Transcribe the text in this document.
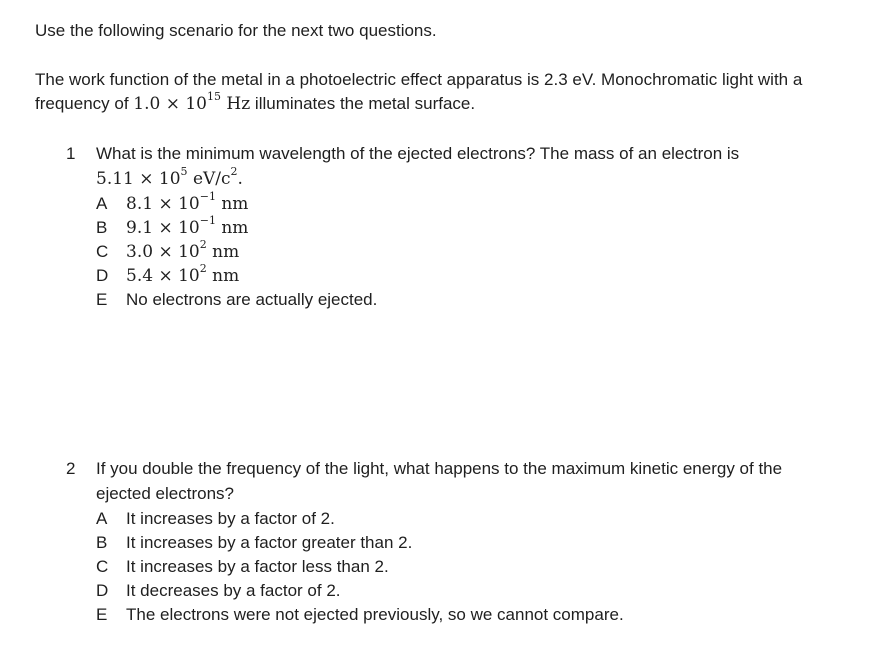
Use the following scenario for the next two questions.

The work function of the metal in a photoelectric effect apparatus is 2.3 eV. Monochromatic light with a frequency of $1.0 \times 10^{15}$ Hz illuminates the metal surface.

1 What is the minimum wavelength of the ejected electrons? The mass of an electron is
$5.11 \times 10^5$ $eV/c^2$.

A $8.1 \times 10^{-1}$ nm
B $9.1 \times 10^{-1}$ nm
C $3.0 \times 10^2$ nm
D $5.4 \times 10^2$ nm
E No electrons are actually ejected.
2 If you double the frequency of the light, what happens to the maximum kinetic energy of the ejected electrons?

A It increases by a factor of 2.
B It increases by a factor greater than 2.
C It increases by a factor less than 2.
D It decreases by a factor of 2.
E The electrons were not ejected previously, so we cannot compare.
